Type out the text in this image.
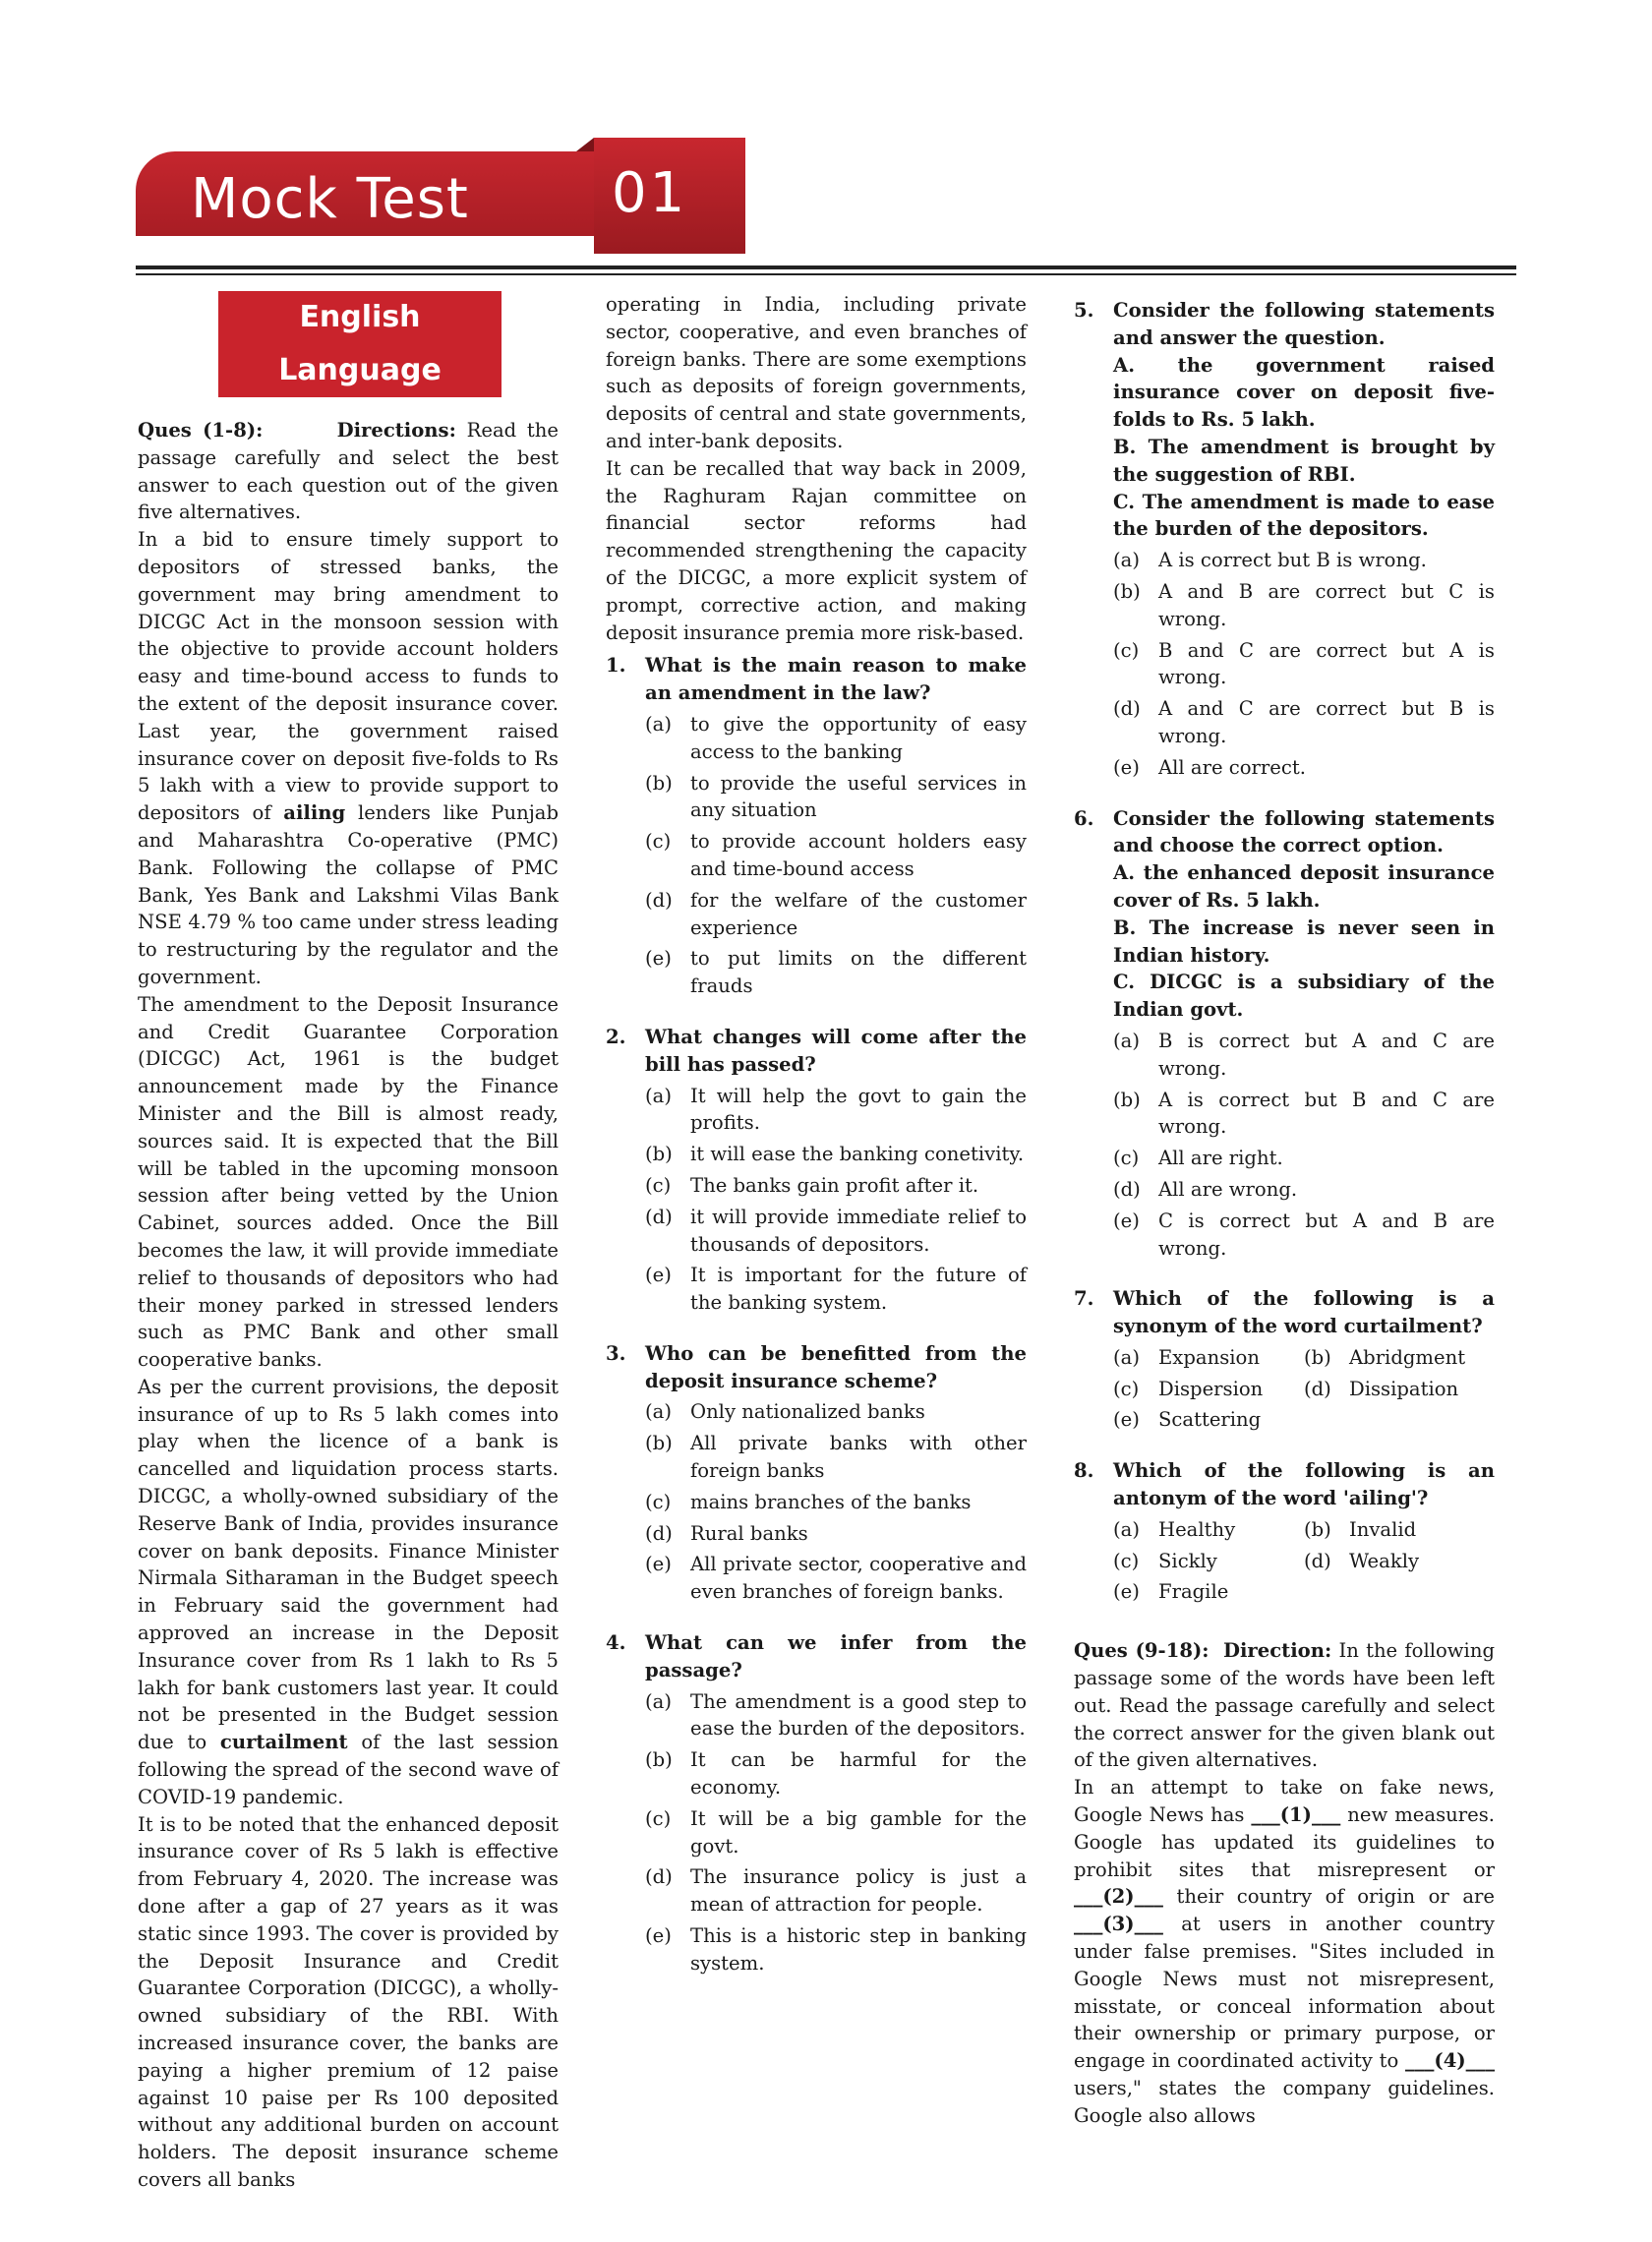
Mock Test	01
English Language

Ques (1-8):	Directions: Read the passage carefully and select the best answer to each question out of the given five alternatives.

In a bid to ensure timely support to depositors of stressed banks, the government may bring amendment to DICGC Act in the monsoon session with the objective to provide account holders easy and time-bound access to funds to the extent of the deposit insurance cover. Last year, the government raised insurance cover on deposit five-folds to Rs 5 lakh with a view to provide support to depositors of ailing lenders like Punjab and Maharashtra Co-operative (PMC) Bank. Following the collapse of PMC Bank, Yes Bank and Lakshmi Vilas Bank NSE 4.79 % too came under stress leading to restructuring by the regulator and the government.

The amendment to the Deposit Insurance and Credit Guarantee Corporation (DICGC) Act, 1961 is the budget announcement made by the Finance Minister and the Bill is almost ready, sources said. It is expected that the Bill will be tabled in the upcoming monsoon session after being vetted by the Union Cabinet, sources added. Once the Bill becomes the law, it will provide immediate relief to thousands of depositors who had their money parked in stressed lenders such as PMC Bank and other small cooperative banks.

As per the current provisions, the deposit insurance of up to Rs 5 lakh comes into play when the licence of a bank is cancelled and liquidation process starts. DICGC, a wholly-owned subsidiary of the Reserve Bank of India, provides insurance cover on bank deposits. Finance Minister Nirmala Sitharaman in the Budget speech in February said the government had approved an increase in the Deposit Insurance cover from Rs 1 lakh to Rs 5 lakh for bank customers last year. It could not be presented in the Budget session due to curtailment of the last session following the spread of the second wave of COVID-19 pandemic.

It is to be noted that the enhanced deposit insurance cover of Rs 5 lakh is effective from February 4, 2020. The increase was done after a gap of 27 years as it was static since 1993. The cover is provided by the Deposit Insurance and Credit Guarantee Corporation (DICGC), a wholly-owned subsidiary of the RBI. With increased insurance cover, the banks are paying a higher premium of 12 paise against 10 paise per Rs 100 deposited without any additional burden on account holders. The deposit insurance scheme covers all banks

operating in India, including private sector, cooperative, and even branches of foreign banks. There are some exemptions such as deposits of foreign governments, deposits of central and state governments, and inter-bank deposits.

It can be recalled that way back in 2009, the Raghuram Rajan committee on financial sector reforms had recommended strengthening the capacity of the DICGC, a more explicit system of prompt, corrective action, and making deposit insurance premia more risk-based.

1. What is the main reason to make an amendment in the law?
(a) to give the opportunity of easy access to the banking
(b) to provide the useful services in any situation
(c)	to provide account holders easy and time-bound access
(d) for the welfare of the customer experience
(e) to put limits on the different frauds
2. What changes will come after the bill has passed?
(a) It will help the govt to gain the profits.
(b) it will ease the banking conetivity.
(c)	The banks gain profit after it.
(d) it will provide immediate relief to thousands of depositors.
(e) It is important for the future of the banking system.
3. Who can be benefitted from the deposit insurance scheme?
(a) Only nationalized banks
(b) All private banks with other foreign banks
(c)	mains branches of the banks
(d) Rural banks
(e) All private sector, cooperative and even branches of foreign banks.
4. What can we infer from the passage?
(a) The amendment is a good step to ease the burden of the depositors.
(b) It can be harmful for the economy.
(c)	It will be a big gamble for the govt.
(d) The insurance policy is just a mean of attraction for people.
(e) This is a historic step in banking system.
5. Consider the following statements and answer the question.
A. the government raised insurance cover on deposit five-folds to Rs. 5 lakh.
B. The amendment is brought by the suggestion of RBI.
C. The amendment is made to ease the burden of the depositors.
(a) A is correct but B is wrong.
(b) A and B are correct but C is wrong.
(c)	B and C are correct but A is wrong.
(d) A and C are correct but B is wrong.
(e) All are correct.
6. Consider the following statements and choose the correct option.
A. the enhanced deposit insurance cover of Rs. 5 lakh.
B. The increase is never seen in Indian history.
C. DICGC is a subsidiary of the Indian govt.
(a) B is correct but A and C are wrong.
(b) A is correct but B and C are wrong.
(c)	All are right.
(d) All are wrong.
(e) C is correct but A and B are wrong.
7. Which of the following is a synonym of the word curtailment?
(a) Expansion	(b) Abridgment
(c)	Dispersion	(d) Dissipation
(e) Scattering
8. Which of the following is an antonym of the word 'ailing'?
(a) Healthy	(b) Invalid
(c)	Sickly	(d) Weakly
(e) Fragile

Ques (9-18): Direction: In the following passage some of the words have been left out. Read the passage carefully and select the correct answer for the given blank out of the given alternatives.

In an attempt to take on fake news, Google News has ___(1)___ new measures. Google has updated its guidelines to prohibit sites that misrepresent or ___(2)___ their country of origin or are ___(3)___ at users in another country under false premises. "Sites included in Google News must not misrepresent, misstate, or conceal information about their ownership or primary purpose, or engage in coordinated activity to ___(4)___ users," states the company guidelines. Google also allows
